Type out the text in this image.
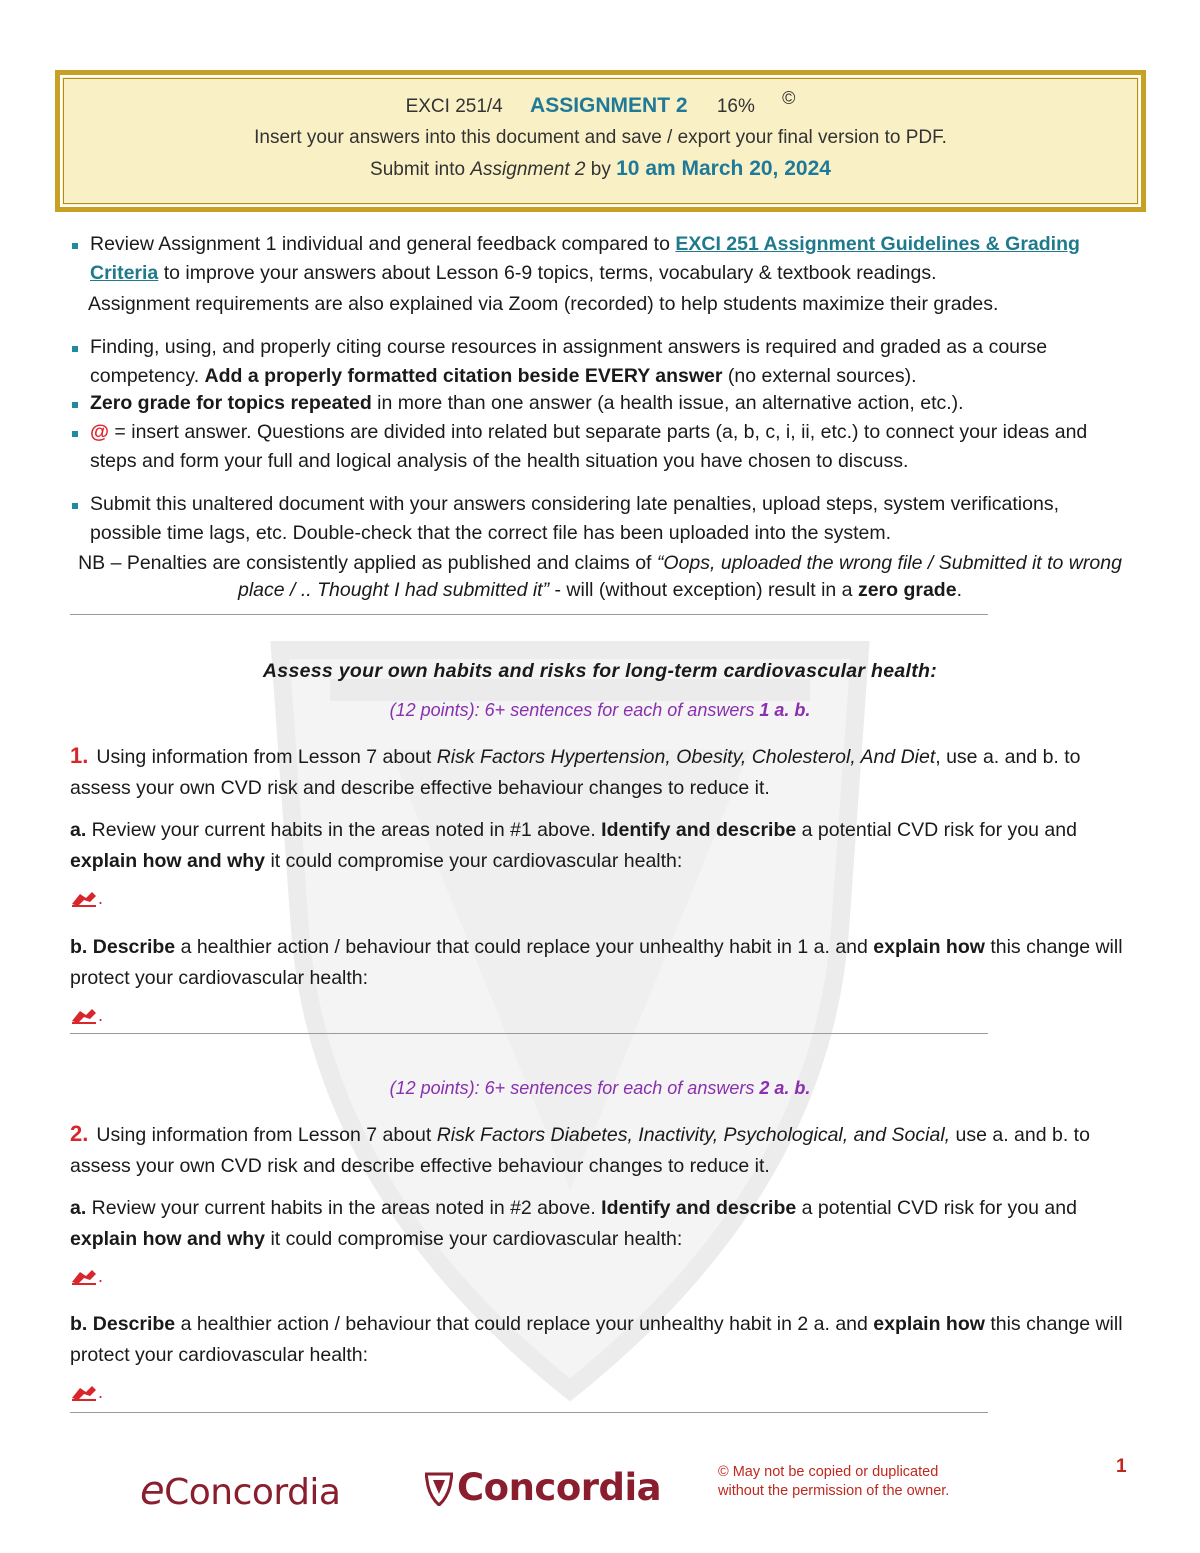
EXCI 251/4 ASSIGNMENT 2 16% ©
Insert your answers into this document and save / export your final version to PDF.
Submit into Assignment 2 by 10 am March 20, 2024
Review Assignment 1 individual and general feedback compared to EXCI 251 Assignment Guidelines & Grading Criteria to improve your answers about Lesson 6-9 topics, terms, vocabulary & textbook readings.
Assignment requirements are also explained via Zoom (recorded) to help students maximize their grades.
Finding, using, and properly citing course resources in assignment answers is required and graded as a course competency. Add a properly formatted citation beside EVERY answer (no external sources).
Zero grade for topics repeated in more than one answer (a health issue, an alternative action, etc.).
@ = insert answer. Questions are divided into related but separate parts (a, b, c, i, ii, etc.) to connect your ideas and steps and form your full and logical analysis of the health situation you have chosen to discuss.
Submit this unaltered document with your answers considering late penalties, upload steps, system verifications, possible time lags, etc. Double-check that the correct file has been uploaded into the system.
NB – Penalties are consistently applied as published and claims of “Oops, uploaded the wrong file / Submitted it to wrong place / .. Thought I had submitted it” - will (without exception) result in a zero grade.
Assess your own habits and risks for long-term cardiovascular health:
(12 points): 6+ sentences for each of answers 1 a. b.
1. Using information from Lesson 7 about Risk Factors Hypertension, Obesity, Cholesterol, And Diet, use a. and b. to assess your own CVD risk and describe effective behaviour changes to reduce it.
a. Review your current habits in the areas noted in #1 above. Identify and describe a potential CVD risk for you and explain how and why it could compromise your cardiovascular health:
.
b. Describe a healthier action / behaviour that could replace your unhealthy habit in 1 a. and explain how this change will protect your cardiovascular health:
.
(12 points): 6+ sentences for each of answers 2 a. b.
2. Using information from Lesson 7 about Risk Factors Diabetes, Inactivity, Psychological, and Social, use a. and b. to assess your own CVD risk and describe effective behaviour changes to reduce it.
a. Review your current habits in the areas noted in #2 above. Identify and describe a potential CVD risk for you and explain how and why it could compromise your cardiovascular health:
.
b. Describe a healthier action / behaviour that could replace your unhealthy habit in 2 a. and explain how this change will protect your cardiovascular health:
.
eConcordia	Concordia	© May not be copied or duplicated
without the permission of the owner.
1
